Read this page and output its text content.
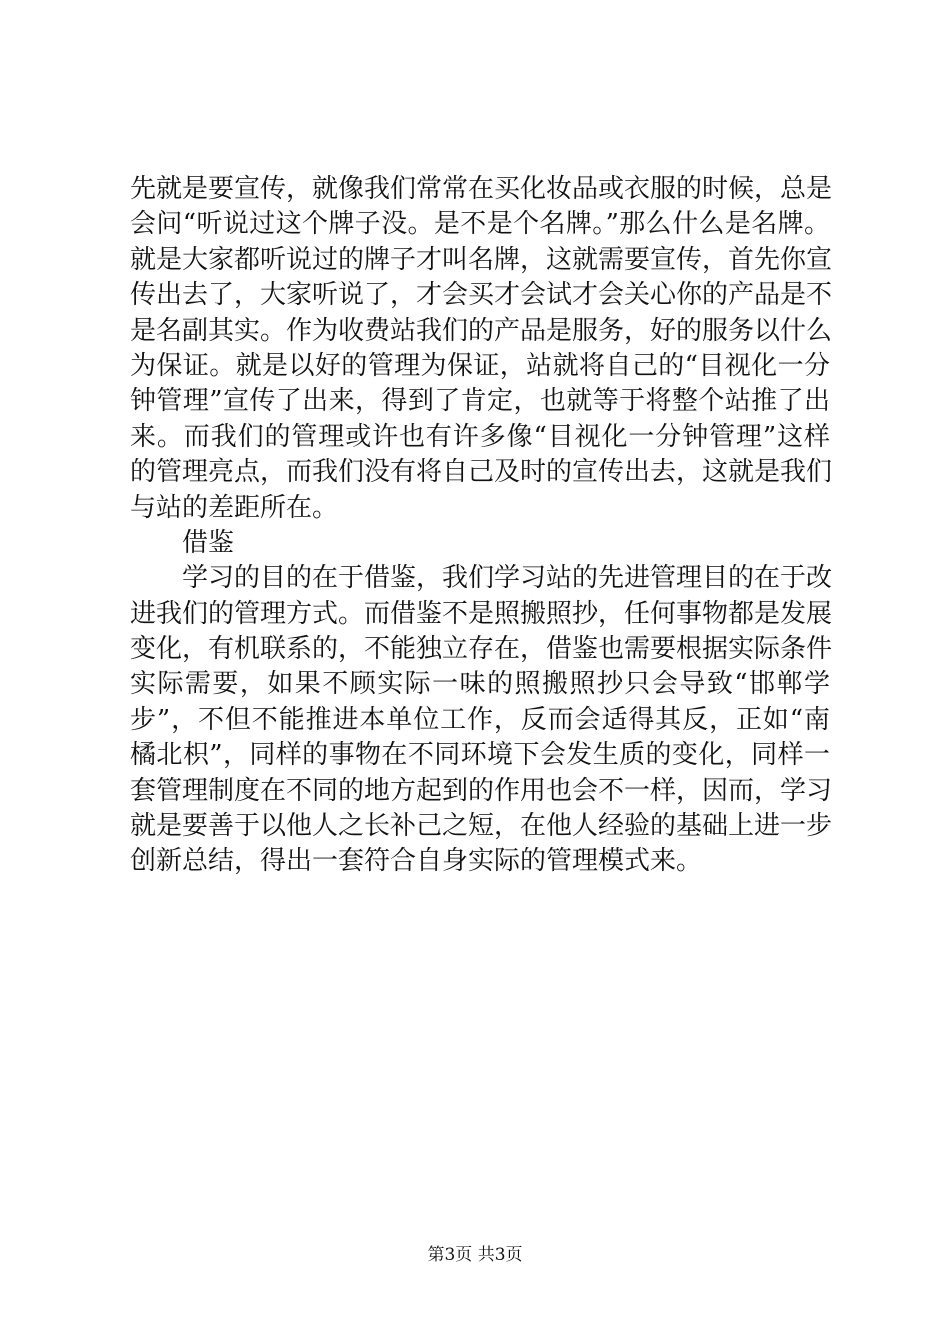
先就是要宣传，就像我们常常在买化妆品或衣服的时候，总是
会问“听说过这个牌子没。是不是个名牌。”那么什么是名牌。
就是大家都听说过的牌子才叫名牌，这就需要宣传，首先你宣
传出去了，大家听说了，才会买才会试才会关心你的产品是不
是名副其实。作为收费站我们的产品是服务，好的服务以什么
为保证。就是以好的管理为保证，站就将自己的“目视化一分
钟管理”宣传了出来，得到了肯定，也就等于将整个站推了出
来。而我们的管理或许也有许多像“目视化一分钟管理”这样
的管理亮点，而我们没有将自己及时的宣传出去，这就是我们
与站的差距所在。
借鉴
学习的目的在于借鉴，我们学习站的先进管理目的在于改
进我们的管理方式。而借鉴不是照搬照抄，任何事物都是发展
变化，有机联系的，不能独立存在，借鉴也需要根据实际条件
实际需要，如果不顾实际一味的照搬照抄只会导致“邯郸学
步”，不但不能推进本单位工作，反而会适得其反，正如“南
橘北枳”，同样的事物在不同环境下会发生质的变化，同样一
套管理制度在不同的地方起到的作用也会不一样，因而，学习
就是要善于以他人之长补己之短，在他人经验的基础上进一步
创新总结，得出一套符合自身实际的管理模式来。
第3页 共3页
